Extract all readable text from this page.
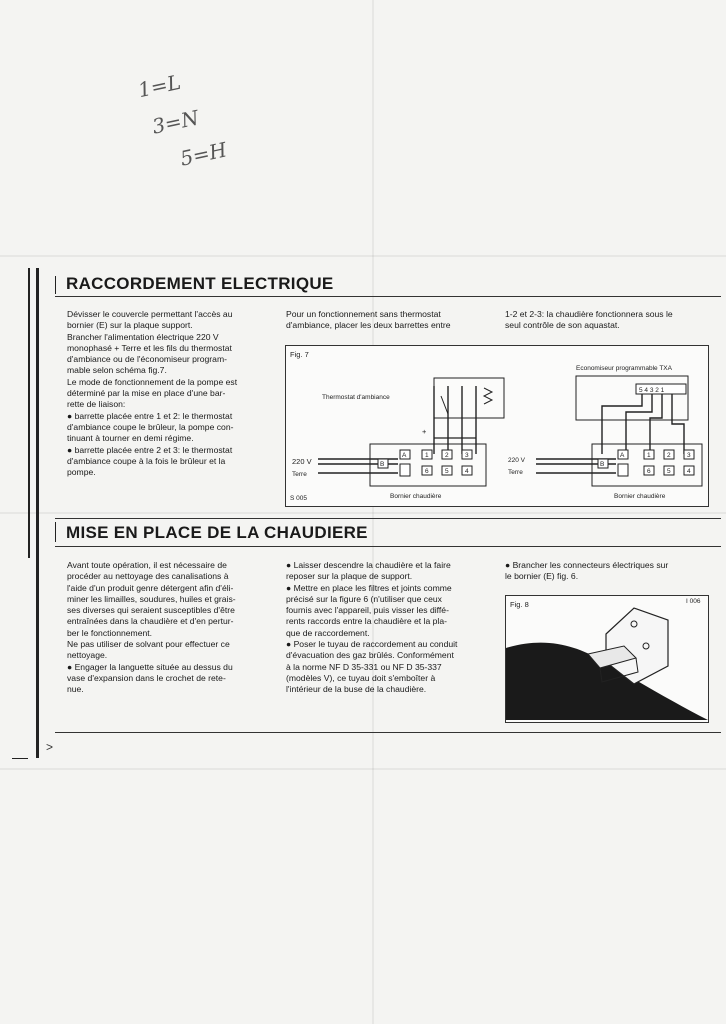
1=L
3=N
5=H
>
RACCORDEMENT ELECTRIQUE

Dévisser le couvercle permettant l'accès au

bornier (E) sur la plaque support.

Brancher l'alimentation électrique 220 V

monophasé + Terre et les fils du thermostat

d'ambiance ou de l'économiseur program-

mable selon schéma fig.7.

Le mode de fonctionnement de la pompe est

déterminé par la mise en place d'une bar-

rette de liaison:

● barrette placée entre 1 et 2: le thermostat

d'ambiance coupe le brûleur, la pompe con-

tinuant à tourner en demi régime.

● barrette placée entre 2 et 3: le thermostat

d'ambiance coupe à la fois le brûleur et la

pompe.

Pour un fonctionnement sans thermostat

d'ambiance, placer les deux barrettes entre

1-2 et 2-3: la chaudière fonctionnera sous le

seul contrôle de son aquastat.

Fig. 7
S 005
Thermostat d'ambiance
+
220 V
Terre
A
B
1	2	3
6	5	4
Bornier chaudière
Economiseur programmable TXA
5 4 3 2 1
220 V
Terre
A
B
1	2	3
6	5	4
Bornier chaudière
MISE EN PLACE DE LA CHAUDIERE

Avant toute opération, il est nécessaire de

procéder au nettoyage des canalisations à

l'aide d'un produit genre détergent afin d'éli-

miner les limailles, soudures, huiles et grais-

ses diverses qui seraient susceptibles d'être

entraînées dans la chaudière et d'en pertur-

ber le fonctionnement.

Ne pas utiliser de solvant pour effectuer ce

nettoyage.

● Engager la languette située au dessus du

vase d'expansion dans le crochet de rete-

nue.

● Laisser descendre la chaudière et la faire

reposer sur la plaque de support.

● Mettre en place les filtres et joints comme

précisé sur la figure 6 (n'utiliser que ceux

fournis avec l'appareil, puis visser les diffé-

rents raccords entre la chaudière et la pla-

que de raccordement.

● Poser le tuyau de raccordement au conduit

d'évacuation des gaz brûlés. Conformément

à la norme NF D 35-331 ou NF D 35-337

(modèles V), ce tuyau doit s'emboîter à

l'intérieur de la buse de la chaudière.

● Brancher les connecteurs électriques sur

le bornier (E) fig. 6.

Fig. 8	I 006
